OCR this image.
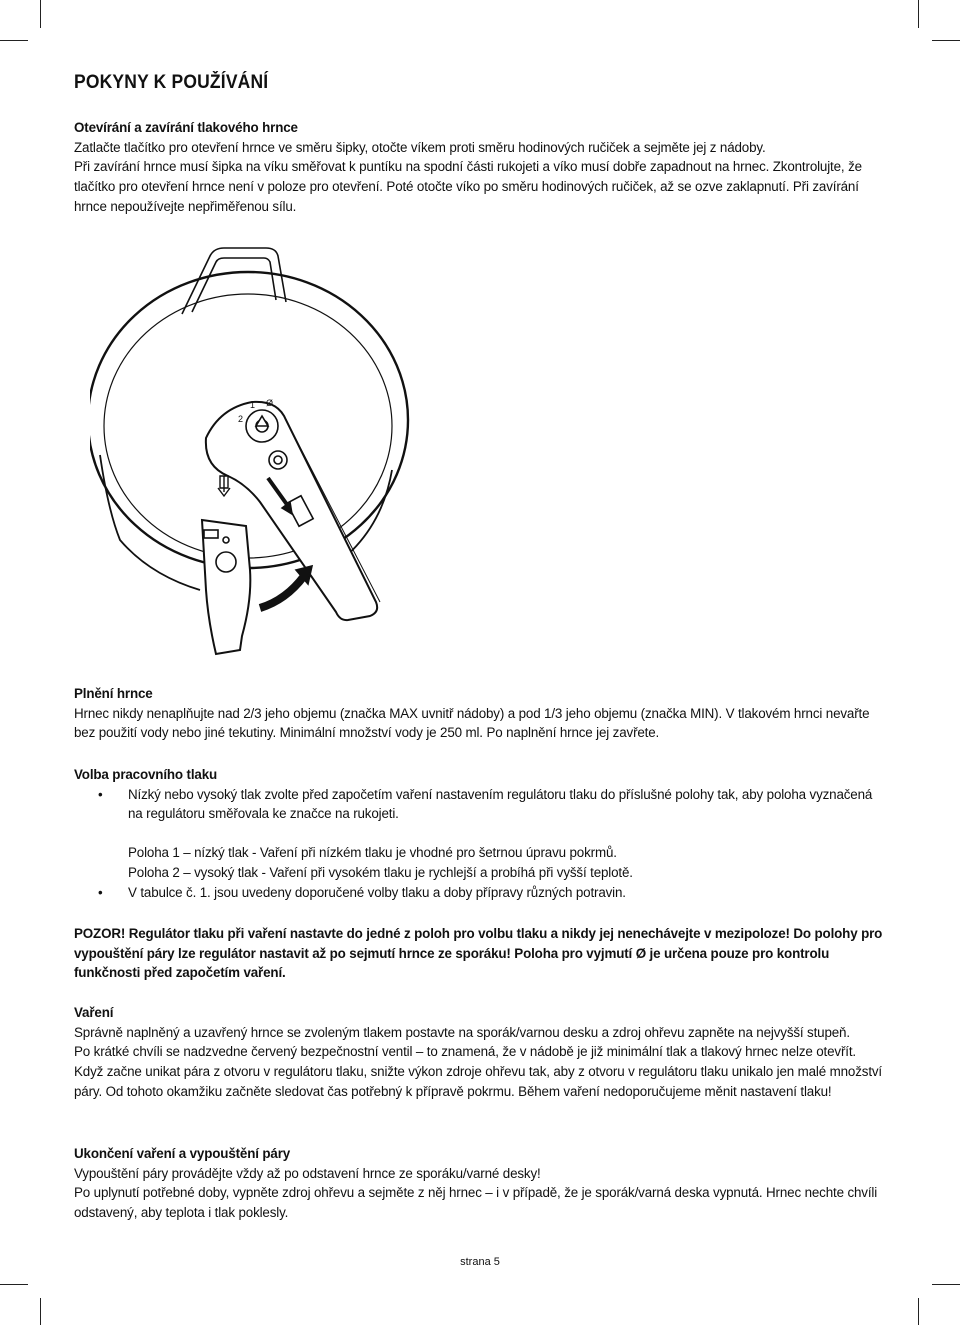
POKYNY K POUŽÍVÁNÍ

Otevírání a zavírání tlakového hrnce

Zatlačte tlačítko pro otevření hrnce ve směru šipky, otočte víkem proti směru hodinových ručiček a sejměte jej z nádoby.

Při zavírání hrnce musí šipka na víku směřovat k puntíku na spodní části rukojeti a víko musí dobře zapadnout na hrnec. Zkontrolujte, že tlačítko pro otevření hrnce není v poloze pro otevření. Poté otočte víko po směru hodinových ručiček, až se ozve zaklapnutí. Při zavírání hrnce nepoužívejte nepřiměřenou sílu.

2
1 Ø

Plnění hrnce

Hrnec nikdy nenaplňujte nad 2/3 jeho objemu (značka MAX uvnitř nádoby) a pod 1/3 jeho objemu (značka MIN). V tlakovém hrnci nevařte bez použití vody nebo jiné tekutiny. Minimální množství vody je 250 ml. Po naplnění hrnce jej zavřete.

Volba pracovního tlaku

• Nízký nebo vysoký tlak zvolte před započetím vaření nastavením regulátoru tlaku do příslušné polohy tak, aby poloha vyznačená na regulátoru směřovala ke značce na rukojeti.

Poloha 1 – nízký tlak - Vaření při nízkém tlaku je vhodné pro šetrnou úpravu pokrmů.

Poloha 2 – vysoký tlak - Vaření při vysokém tlaku je rychlejší a probíhá při vyšší teplotě.

• V tabulce č. 1. jsou uvedeny doporučené volby tlaku a doby přípravy různých potravin.

POZOR! Regulátor tlaku při vaření nastavte do jedné z poloh pro volbu tlaku a nikdy jej nenechávejte v mezipoloze! Do polohy pro vypouštění páry lze regulátor nastavit až po sejmutí hrnce ze sporáku! Poloha pro vyjmutí Ø je určena pouze pro kontrolu funkčnosti před započetím vaření.

Vaření

Správně naplněný a uzavřený hrnce se zvoleným tlakem postavte na sporák/varnou desku a zdroj ohřevu zapněte na nejvyšší stupeň.

Po krátké chvíli se nadzvedne červený bezpečnostní ventil – to znamená, že v nádobě je již minimální tlak a tlakový hrnec nelze otevřít.

Když začne unikat pára z otvoru v regulátoru tlaku, snižte výkon zdroje ohřevu tak, aby z otvoru v regulátoru tlaku unikalo jen malé množství páry. Od tohoto okamžiku začněte sledovat čas potřebný k přípravě pokrmu. Během vaření nedoporučujeme měnit nastavení tlaku!

Ukončení vaření a vypouštění páry

Vypouštění páry provádějte vždy až po odstavení hrnce ze sporáku/varné desky!

Po uplynutí potřebné doby, vypněte zdroj ohřevu a sejměte z něj hrnec – i v případě, že je sporák/varná deska vypnutá. Hrnec nechte chvíli odstavený, aby teplota i tlak poklesly.

strana 5
